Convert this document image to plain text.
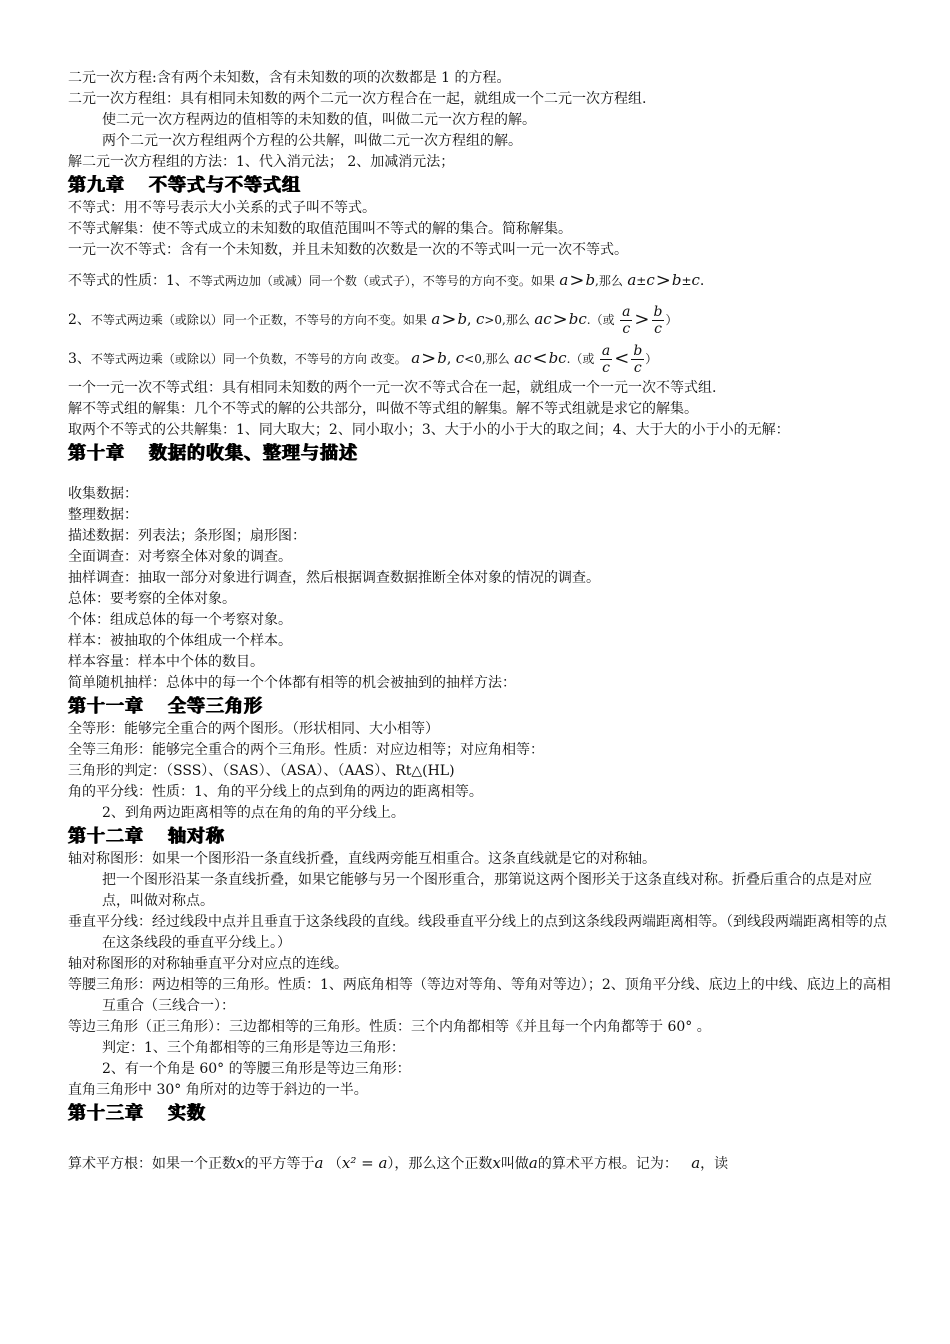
二元一次方程:含有两个未知数，含有未知数的项的次数都是 1 的方程。

二元一次方程组：具有相同未知数的两个二元一次方程合在一起，就组成一个二元一次方程组.

使二元一次方程两边的值相等的未知数的值，叫做二元一次方程的解。

两个二元一次方程组两个方程的公共解，叫做二元一次方程组的解。

解二元一次方程组的方法：1、代入消元法； 2、加减消元法；

第九章 不等式与不等式组

不等式：用不等号表示大小关系的式子叫不等式。

不等式解集：使不等式成立的未知数的取值范围叫不等式的解的集合。简称解集。

一元一次不等式：含有一个未知数，并且未知数的次数是一次的不等式叫一元一次不等式。

不等式的性质：1、不等式两边加（或减）同一个数（或式子），不等号的方向不变。如果 a>b,那么 a±c>b±c.

2、不等式两边乘（或除以）同一个正数，不等号的方向不变。如果 a>b, c>0,那么 ac>bc.（或 $\frac{a}{c} > \frac{b}{c}$ ）

3、不等式两边乘（或除以）同一个负数，不等号的方向 改变。 a>b, c<0,那么 ac<bc.（或 $\frac{a}{c} < \frac{b}{c}$ ）

一个一元一次不等式组：具有相同未知数的两个一元一次不等式合在一起，就组成一个一元一次不等式组.

解不等式组的解集：几个不等式的解的公共部分，叫做不等式组的解集。解不等式组就是求它的解集。

取两个不等式的公共解集：1、同大取大；2、同小取小；3、大于小的小于大的取之间；4、大于大的小于小的无解：

第十章 数据的收集、整理与描述

收集数据：

整理数据：

描述数据：列表法；条形图；扇形图：

全面调查：对考察全体对象的调查。

抽样调查：抽取一部分对象进行调查，然后根据调查数据推断全体对象的情况的调查。

总体：要考察的全体对象。

个体：组成总体的每一个考察对象。

样本：被抽取的个体组成一个样本。

样本容量：样本中个体的数目。

简单随机抽样：总体中的每一个个体都有相等的机会被抽到的抽样方法：

第十一章 全等三角形

全等形：能够完全重合的两个图形。（形状相同、大小相等）

全等三角形：能够完全重合的两个三角形。性质：对应边相等；对应角相等：

三角形的判定：（SSS）、（SAS）、（ASA）、（AAS）、Rt△(HL)

角的平分线：性质：1、角的平分线上的点到角的两边的距离相等。

2、到角两边距离相等的点在角的角的平分线上。

第十二章 轴对称

轴对称图形：如果一个图形沿一条直线折叠，直线两旁能互相重合。这条直线就是它的对称轴。

把一个图形沿某一条直线折叠，如果它能够与另一个图形重合，那第说这两个图形关于这条直线对称。折叠后重合的点是对应点，叫做对称点。

垂直平分线：经过线段中点并且垂直于这条线段的直线。线段垂直平分线上的点到这条线段两端距离相等。（到线段两端距离相等的点在这条线段的垂直平分线上。）

轴对称图形的对称轴垂直平分对应点的连线。

等腰三角形：两边相等的三角形。性质：1、两底角相等（等边对等角、等角对等边）；2、顶角平分线、底边上的中线、底边上的高相互重合（三线合一）：

等边三角形（正三角形）：三边都相等的三角形。性质：三个内角都相等《并且每一个内角都等于 60° 。

判定：1、三个角都相等的三角形是等边三角形：

2、有一个角是 60° 的等腰三角形是等边三角形：

直角三角形中 30° 角所对的边等于斜边的一半。

第十三章 实数

算术平方根：如果一个正数x的平方等于a （x² = a），那么这个正数x叫做a的算术平方根。记为： a，读
